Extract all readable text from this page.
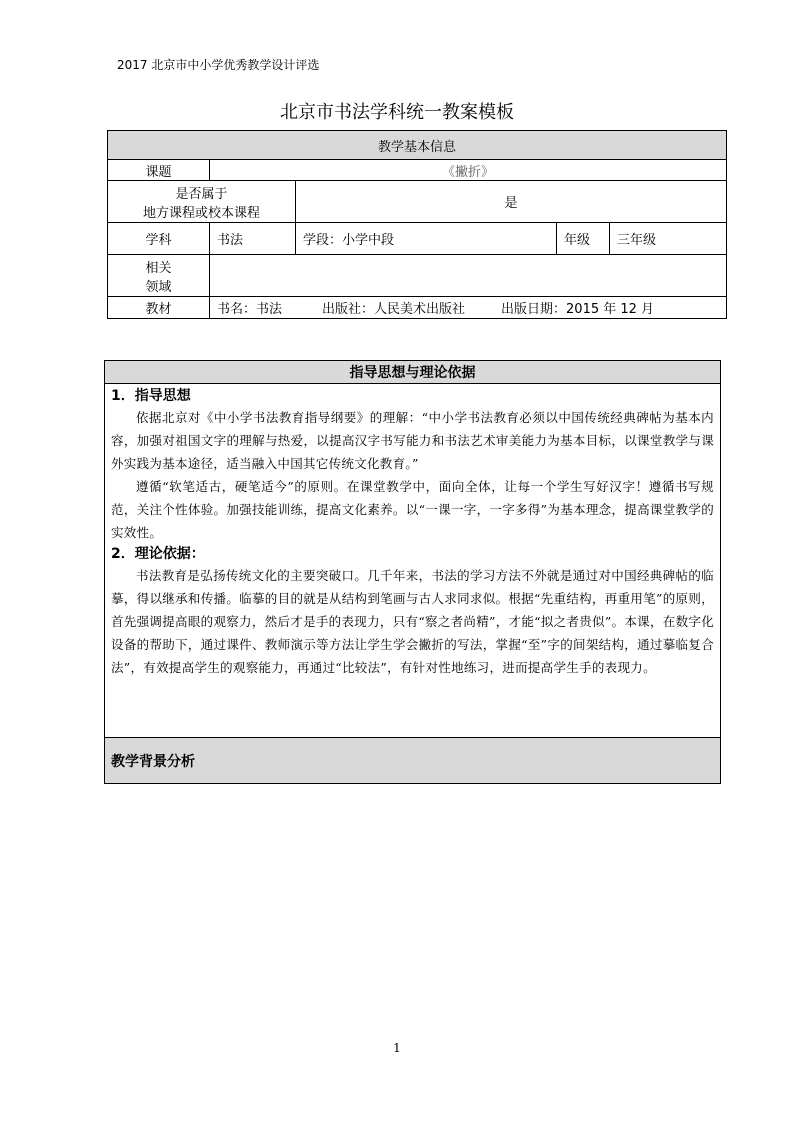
2017 北京市中小学优秀教学设计评选
北京市书法学科统一教案模板
教学基本信息				
课题	《撇折》			

是否属于
地方课程或校本课程		是		
学科	书法	学段：小学中段	年级	三年级

相关
领域				

教材	书名：书法 出版社：人民美术出版社 出版日期：2015 年 12 月			
指导思想与理论依据

1．指导思想

依据北京对《中小学书法教育指导纲要》的理解：“中小学书法教育必须以中国传统经典碑帖为基本内容，加强对祖国文字的理解与热爱，以提高汉字书写能力和书法艺术审美能力为基本目标，以课堂教学与课外实践为基本途径，适当融入中国其它传统文化教育。”

遵循“软笔适古，硬笔适今”的原则。在课堂教学中，面向全体，让每一个学生写好汉字！遵循书写规范，关注个性体验。加强技能训练，提高文化素养。以“一课一字，一字多得”为基本理念，提高课堂教学的实效性。

2．理论依据：

书法教育是弘扬传统文化的主要突破口。几千年来，书法的学习方法不外就是通过对中国经典碑帖的临摹，得以继承和传播。临摹的目的就是从结构到笔画与古人求同求似。根据“先重结构，再重用笔”的原则，首先强调提高眼的观察力，然后才是手的表现力，只有“察之者尚精”，才能“拟之者贵似”。本课，在数字化设备的帮助下，通过课件、教师演示等方法让学生学会撇折的写法，掌握“至”字的间架结构，通过摹临复合法”，有效提高学生的观察能力，再通过“比较法”，有针对性地练习，进而提高学生手的表现力。

教学背景分析
1
